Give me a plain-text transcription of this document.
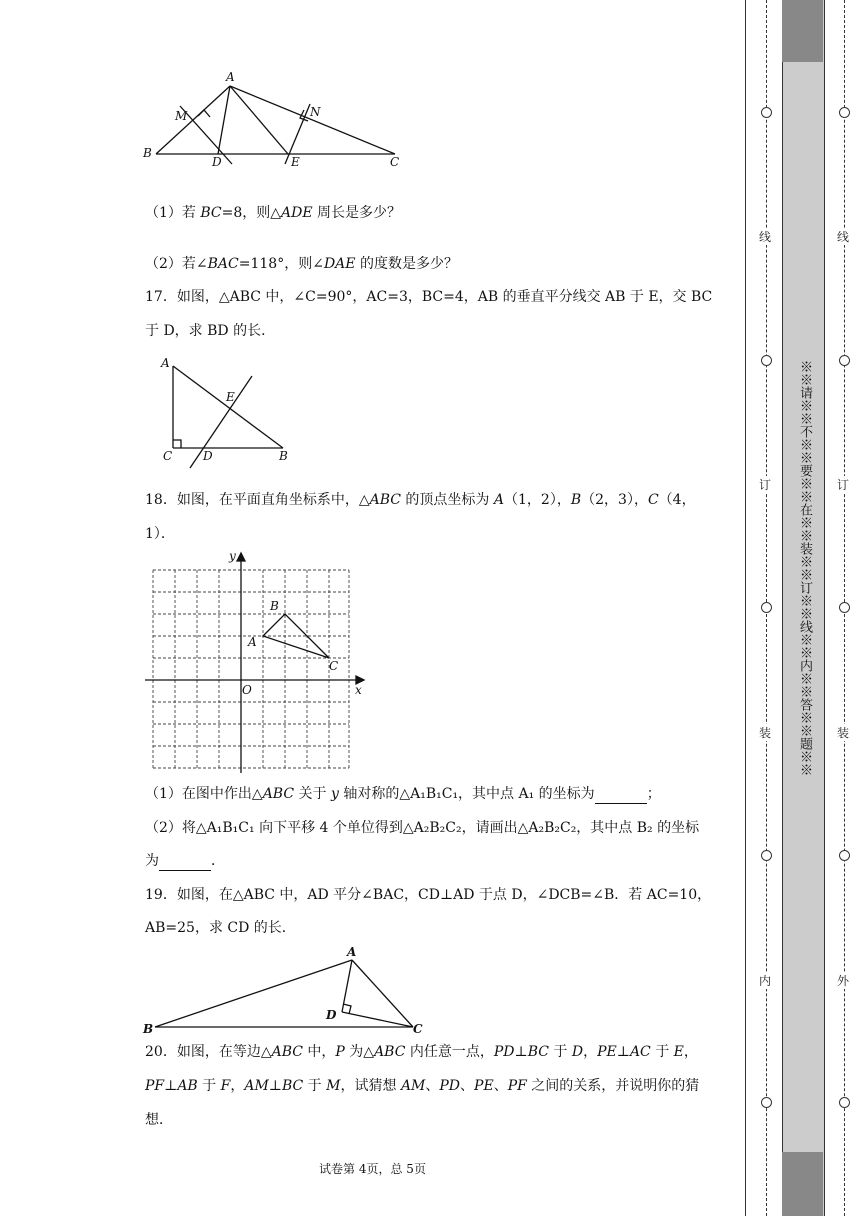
A
B
C
D	E
M	N
（1）若 BC=8，则△ADE 周长是多少？
（2）若∠BAC=118°，则∠DAE 的度数是多少？
17．如图，△ABC 中，∠C=90°，AC=3，BC=4，AB 的垂直平分线交 AB 于 E，交 BC
于 D，求 BD 的长．
A
C	D	B
E
18．如图，在平面直角坐标系中，△ABC 的顶点坐标为 A（1，2），B（2，3），C（4，
1）．
y
x
O
A
B
C
（1）在图中作出△ABC 关于 y 轴对称的△A₁B₁C₁，其中点 A₁ 的坐标为	；
（2）将△A₁B₁C₁ 向下平移 4 个单位得到△A₂B₂C₂，请画出△A₂B₂C₂，其中点 B₂ 的坐标
为	．
19．如图，在△ABC 中，AD 平分∠BAC，CD⊥AD 于点 D，∠DCB=∠B．若 AC=10，
AB=25，求 CD 的长．
A
B	C
D
20．如图，在等边△ABC 中，P 为△ABC 内任意一点，PD⊥BC 于 D，PE⊥AC 于 E，
PF⊥AB 于 F，AM⊥BC 于 M，试猜想 AM、PD、PE、PF 之间的关系，并说明你的猜
想．
试卷第 4页，总 5页
线
订
装
内
线
订
装
外
※※请※※不※※要※※在※※装※※订※※线※※内※※答※※题※※
